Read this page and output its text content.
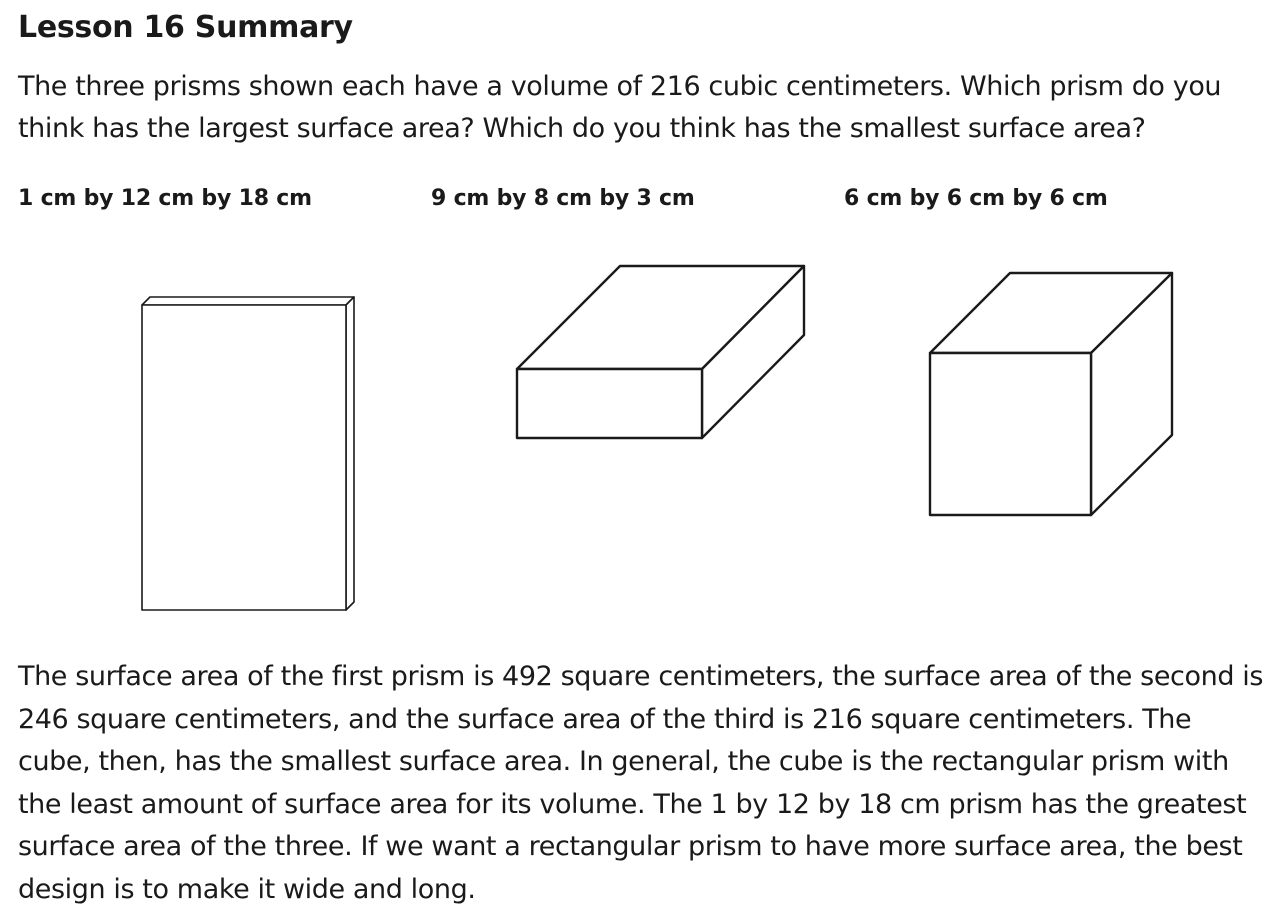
Lesson 16 Summary

The three prisms shown each have a volume of 216 cubic centimeters. Which prism do you think has the largest surface area? Which do you think has the smallest surface area?

1 cm by 12 cm by 18 cm	9 cm by 8 cm by 3 cm	6 cm by 6 cm by 6 cm

The surface area of the first prism is 492 square centimeters, the surface area of the second is 246 square centimeters, and the surface area of the third is 216 square centimeters. The cube, then, has the smallest surface area. In general, the cube is the rectangular prism with the least amount of surface area for its volume. The 1 by 12 by 18 cm prism has the greatest surface area of the three. If we want a rectangular prism to have more surface area, the best design is to make it wide and long.
